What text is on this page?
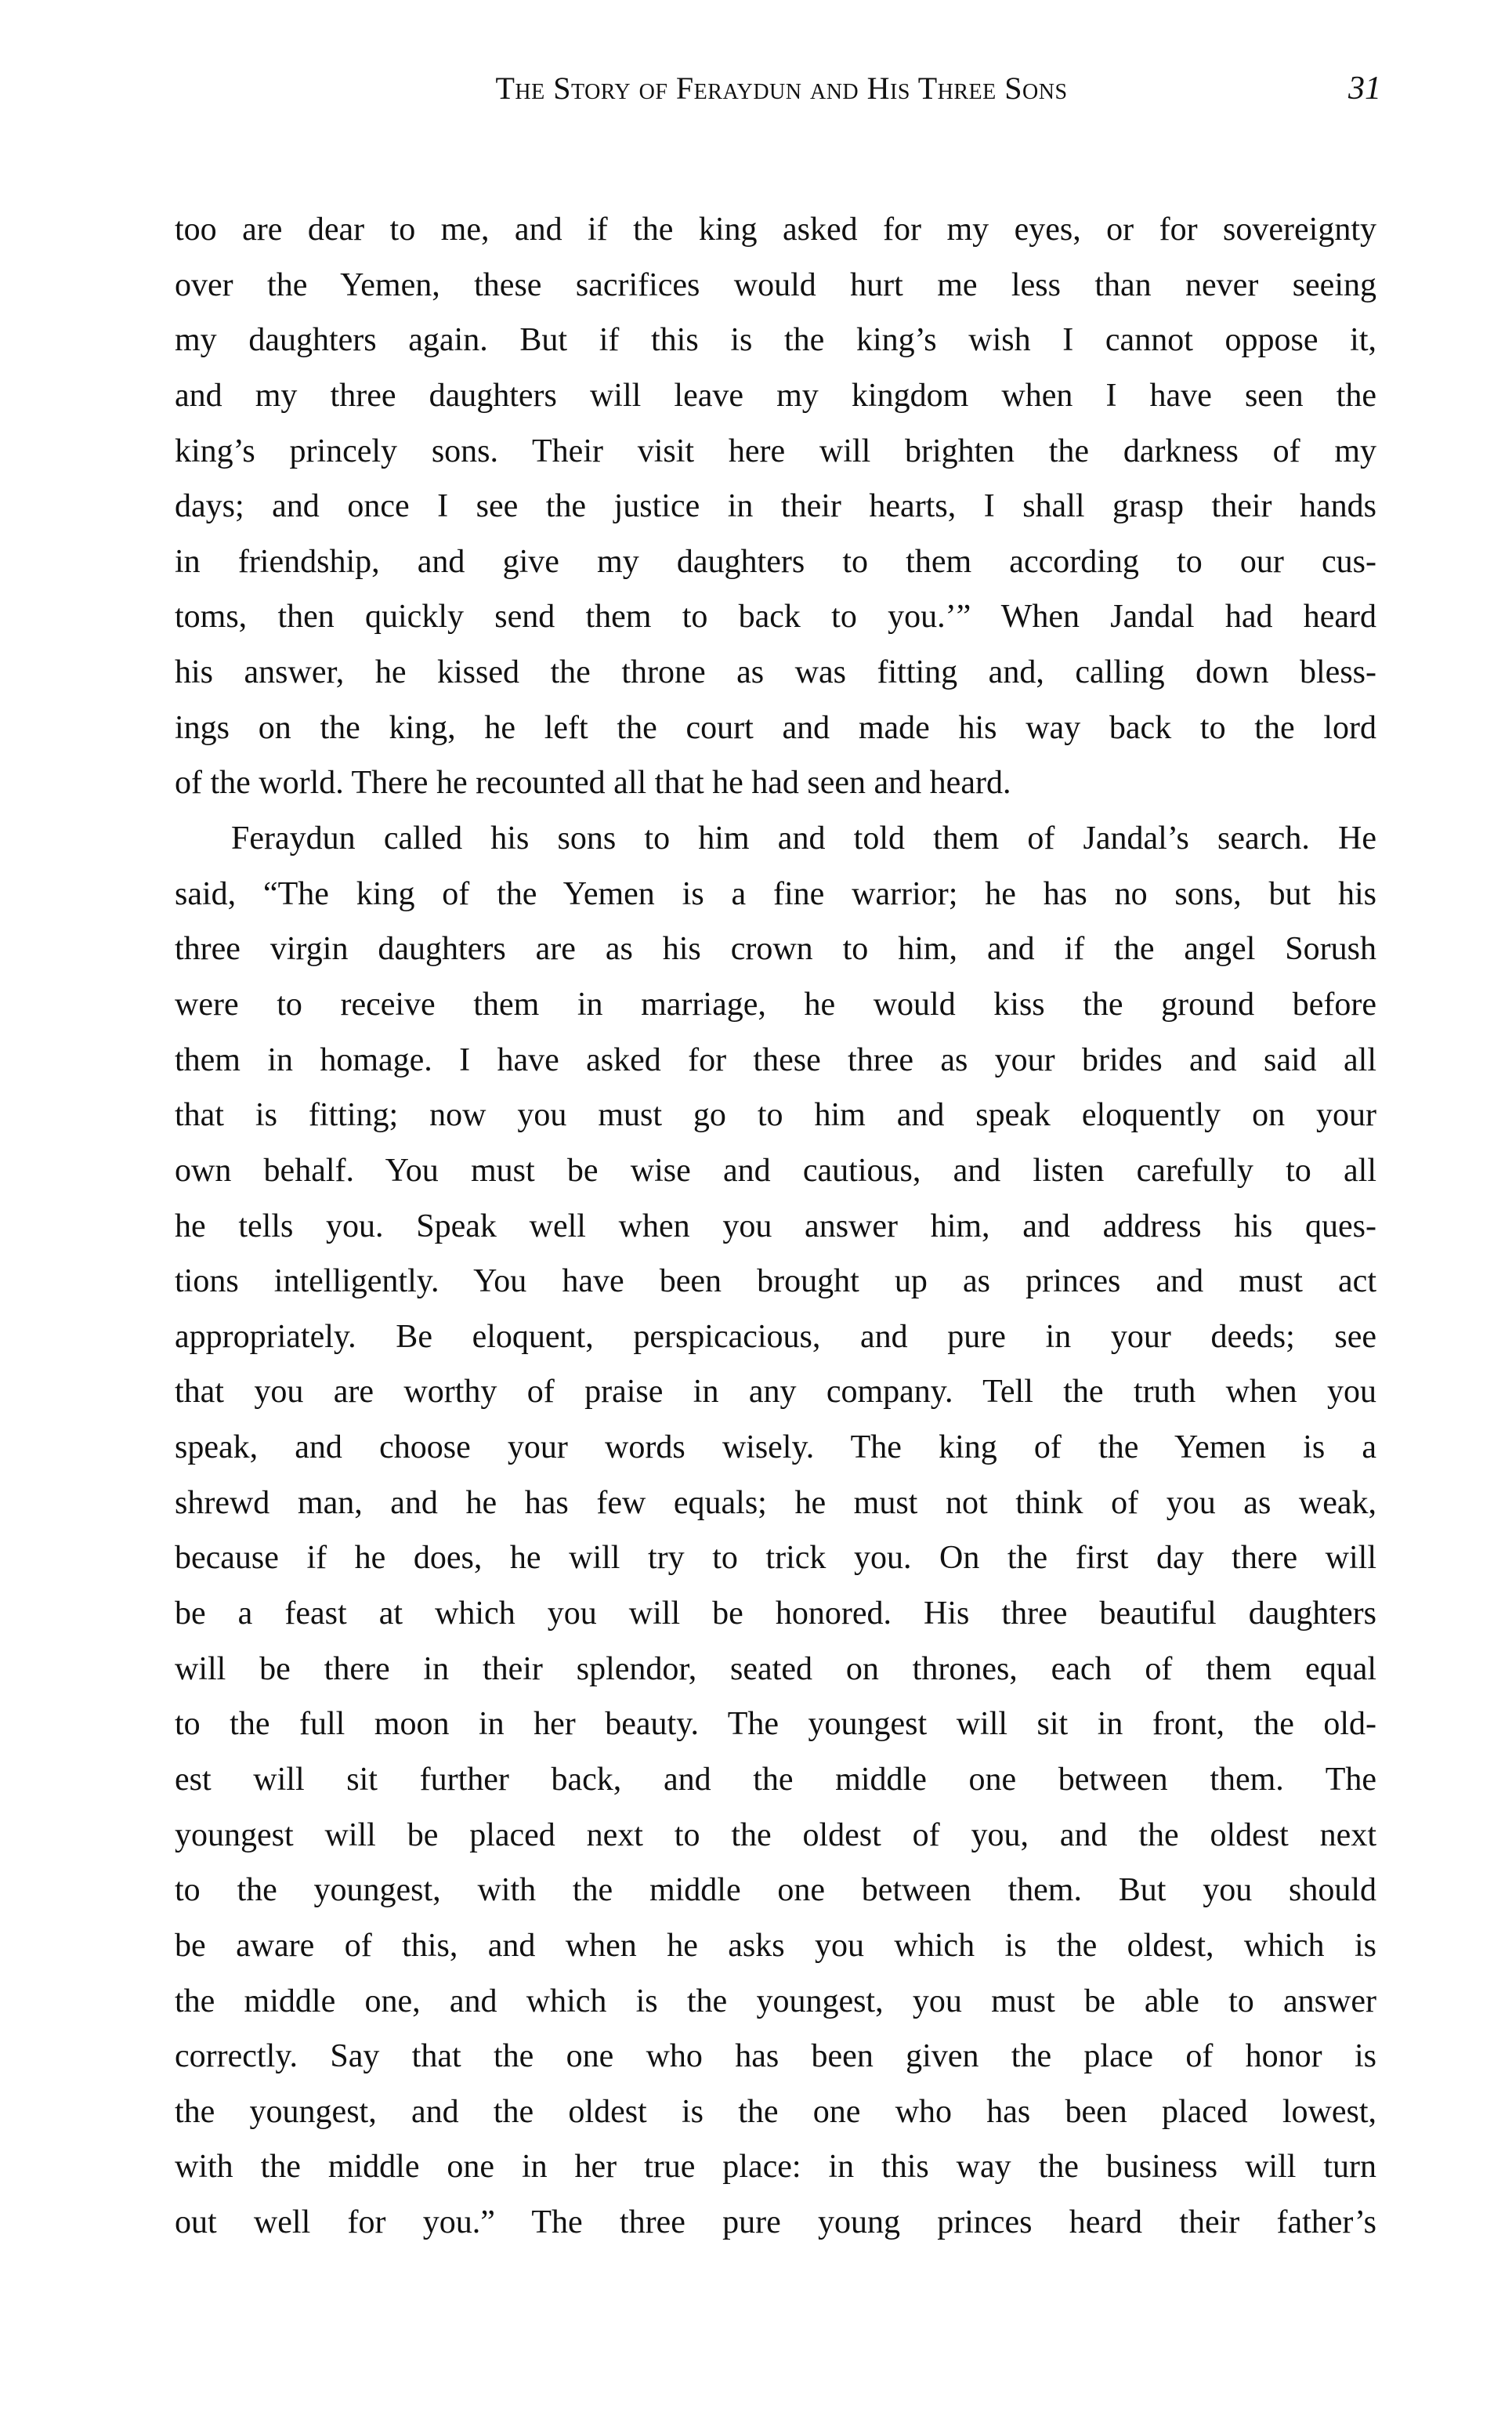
The Story of Feraydun and His Three Sons	31
too are dear to me, and if the king asked for my eyes, or for sovereignty
over the Yemen, these sacrifices would hurt me less than never seeing
my daughters again. But if this is the king’s wish I cannot oppose it,
and my three daughters will leave my kingdom when I have seen the
king’s princely sons. Their visit here will brighten the darkness of my
days; and once I see the justice in their hearts, I shall grasp their hands
in friendship, and give my daughters to them according to our cus-
toms, then quickly send them to back to you.’” When Jandal had heard
his answer, he kissed the throne as was fitting and, calling down bless-
ings on the king, he left the court and made his way back to the lord
of the world. There he recounted all that he had seen and heard.
Feraydun called his sons to him and told them of Jandal’s search. He
said, “The king of the Yemen is a fine warrior; he has no sons, but his
three virgin daughters are as his crown to him, and if the angel Sorush
were to receive them in marriage, he would kiss the ground before
them in homage. I have asked for these three as your brides and said all
that is fitting; now you must go to him and speak eloquently on your
own behalf. You must be wise and cautious, and listen carefully to all
he tells you. Speak well when you answer him, and address his ques-
tions intelligently. You have been brought up as princes and must act
appropriately. Be eloquent, perspicacious, and pure in your deeds; see
that you are worthy of praise in any company. Tell the truth when you
speak, and choose your words wisely. The king of the Yemen is a
shrewd man, and he has few equals; he must not think of you as weak,
because if he does, he will try to trick you. On the first day there will
be a feast at which you will be honored. His three beautiful daughters
will be there in their splendor, seated on thrones, each of them equal
to the full moon in her beauty. The youngest will sit in front, the old-
est will sit further back, and the middle one between them. The
youngest will be placed next to the oldest of you, and the oldest next
to the youngest, with the middle one between them. But you should
be aware of this, and when he asks you which is the oldest, which is
the middle one, and which is the youngest, you must be able to answer
correctly. Say that the one who has been given the place of honor is
the youngest, and the oldest is the one who has been placed lowest,
with the middle one in her true place: in this way the business will turn
out well for you.” The three pure young princes heard their father’s
